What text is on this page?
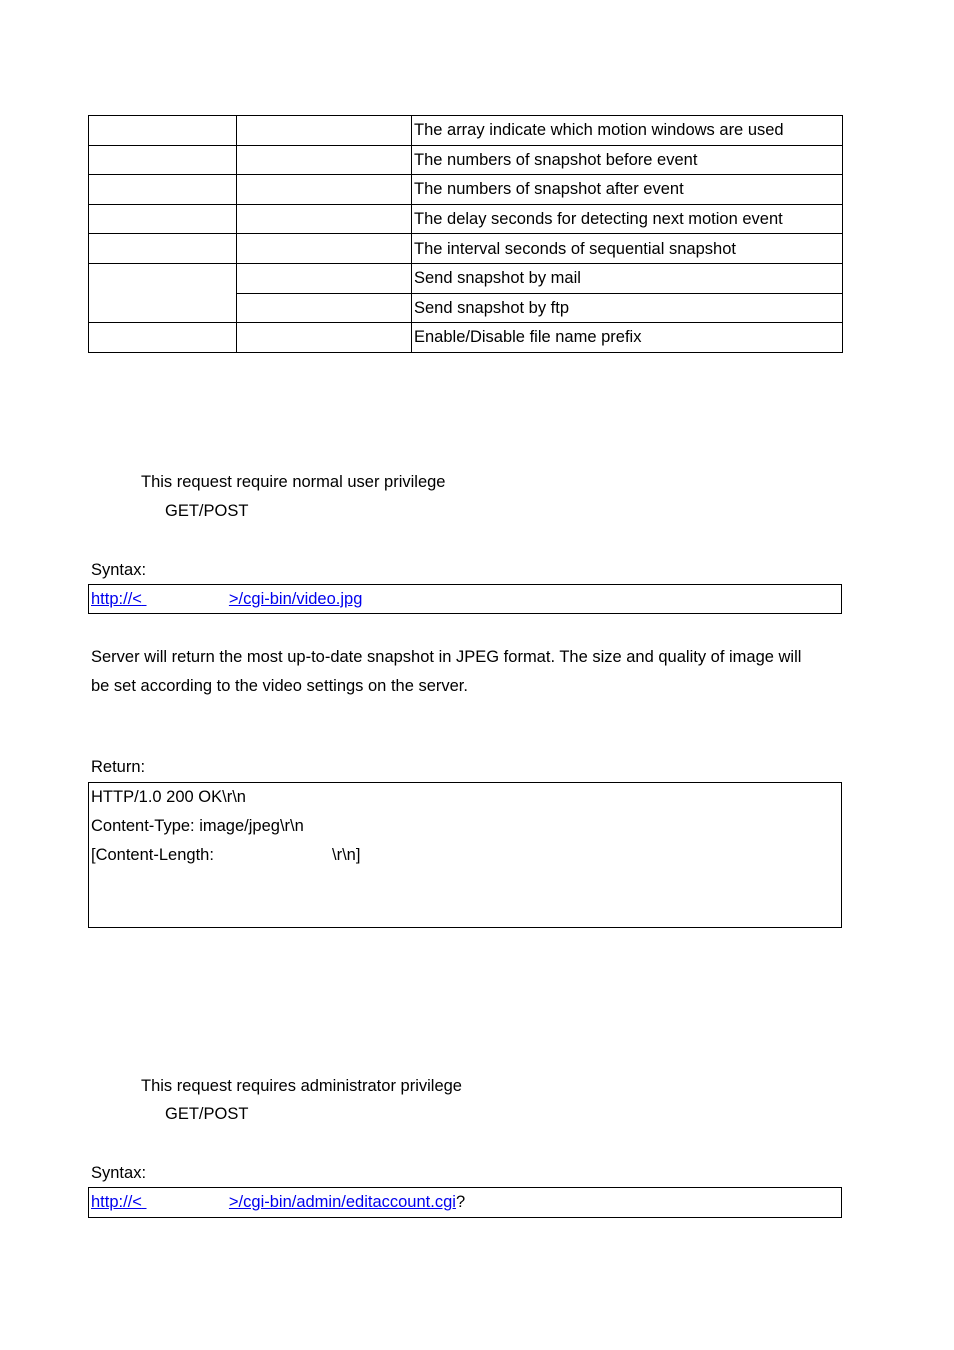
		The array indicate which motion windows are used
		The numbers of snapshot before event
		The numbers of snapshot after event
		The delay seconds for detecting next motion event
		The interval seconds of sequential snapshot
		Send snapshot by mail
		Send snapshot by ftp
		Enable/Disable file name prefix
This request require normal user privilege
GET/POST
Syntax:
http://<	>/cgi-bin/video.jpg
Server will return the most up-to-date snapshot in JPEG format. The size and quality of image will
be set according to the video settings on the server.
Return:
HTTP/1.0 200 OK\r\n
Content-Type: image/jpeg\r\n
[Content-Length:	\r\n]
This request requires administrator privilege
GET/POST
Syntax:
http://<	>/cgi-bin/admin/editaccount.cgi?
